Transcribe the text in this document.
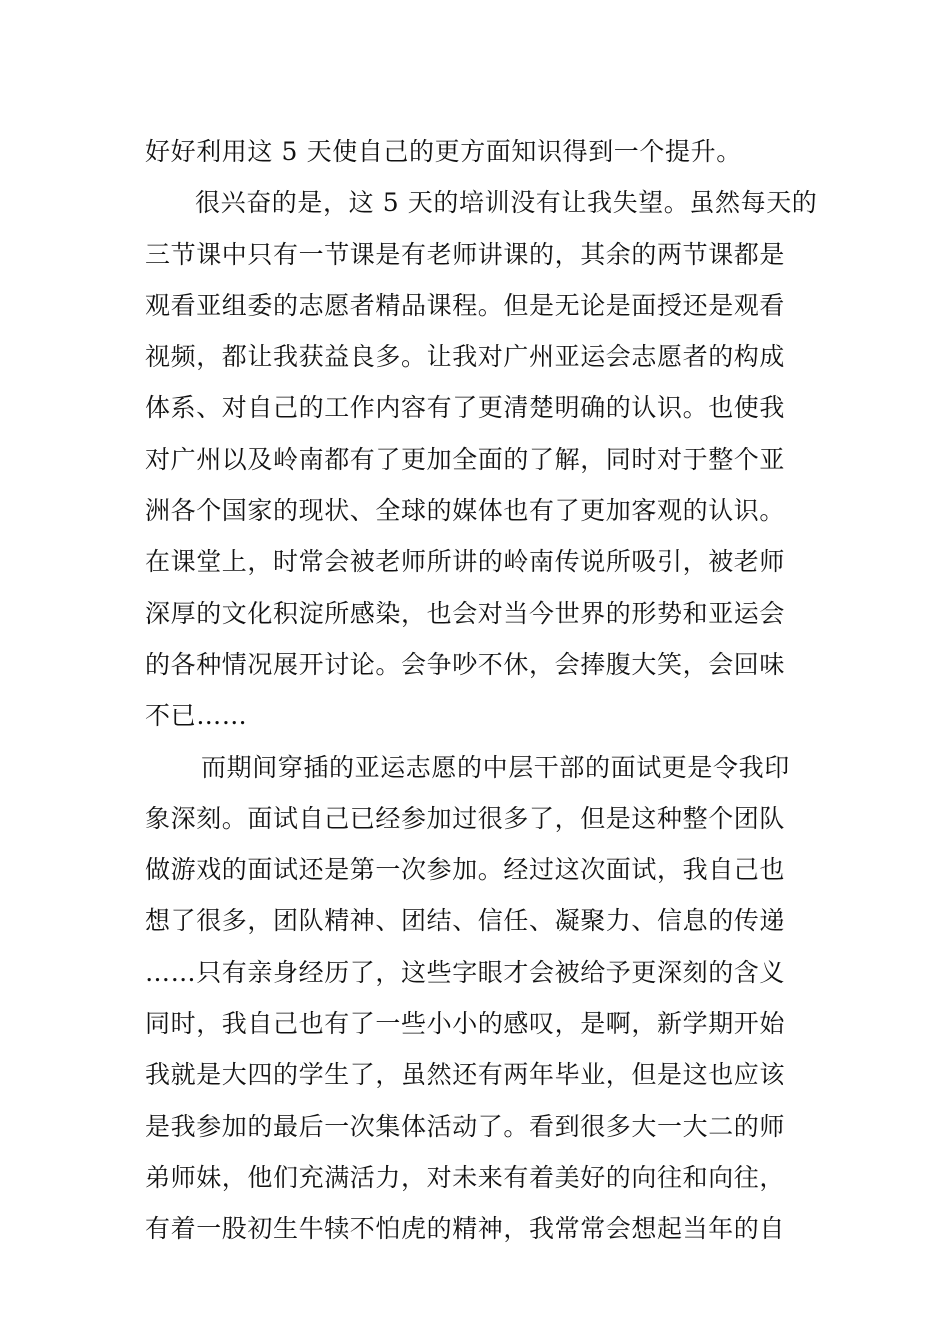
好好利用这 5 天使自己的更方面知识得到一个提升。
很兴奋的是，这 5 天的培训没有让我失望。虽然每天的
三节课中只有一节课是有老师讲课的，其余的两节课都是
观看亚组委的志愿者精品课程。但是无论是面授还是观看
视频，都让我获益良多。让我对广州亚运会志愿者的构成
体系、对自己的工作内容有了更清楚明确的认识。也使我
对广州以及岭南都有了更加全面的了解，同时对于整个亚
洲各个国家的现状、全球的媒体也有了更加客观的认识。
在课堂上，时常会被老师所讲的岭南传说所吸引，被老师
深厚的文化积淀所感染，也会对当今世界的形势和亚运会
的各种情况展开讨论。会争吵不休，会捧腹大笑，会回味
不已……
而期间穿插的亚运志愿的中层干部的面试更是令我印
象深刻。面试自己已经参加过很多了，但是这种整个团队
做游戏的面试还是第一次参加。经过这次面试，我自己也
想了很多，团队精神、团结、信任、凝聚力、信息的传递
……只有亲身经历了，这些字眼才会被给予更深刻的含义
同时，我自己也有了一些小小的感叹，是啊，新学期开始
我就是大四的学生了，虽然还有两年毕业，但是这也应该
是我参加的最后一次集体活动了。看到很多大一大二的师
弟师妹，他们充满活力，对未来有着美好的向往和向往，
有着一股初生牛犊不怕虎的精神，我常常会想起当年的自
